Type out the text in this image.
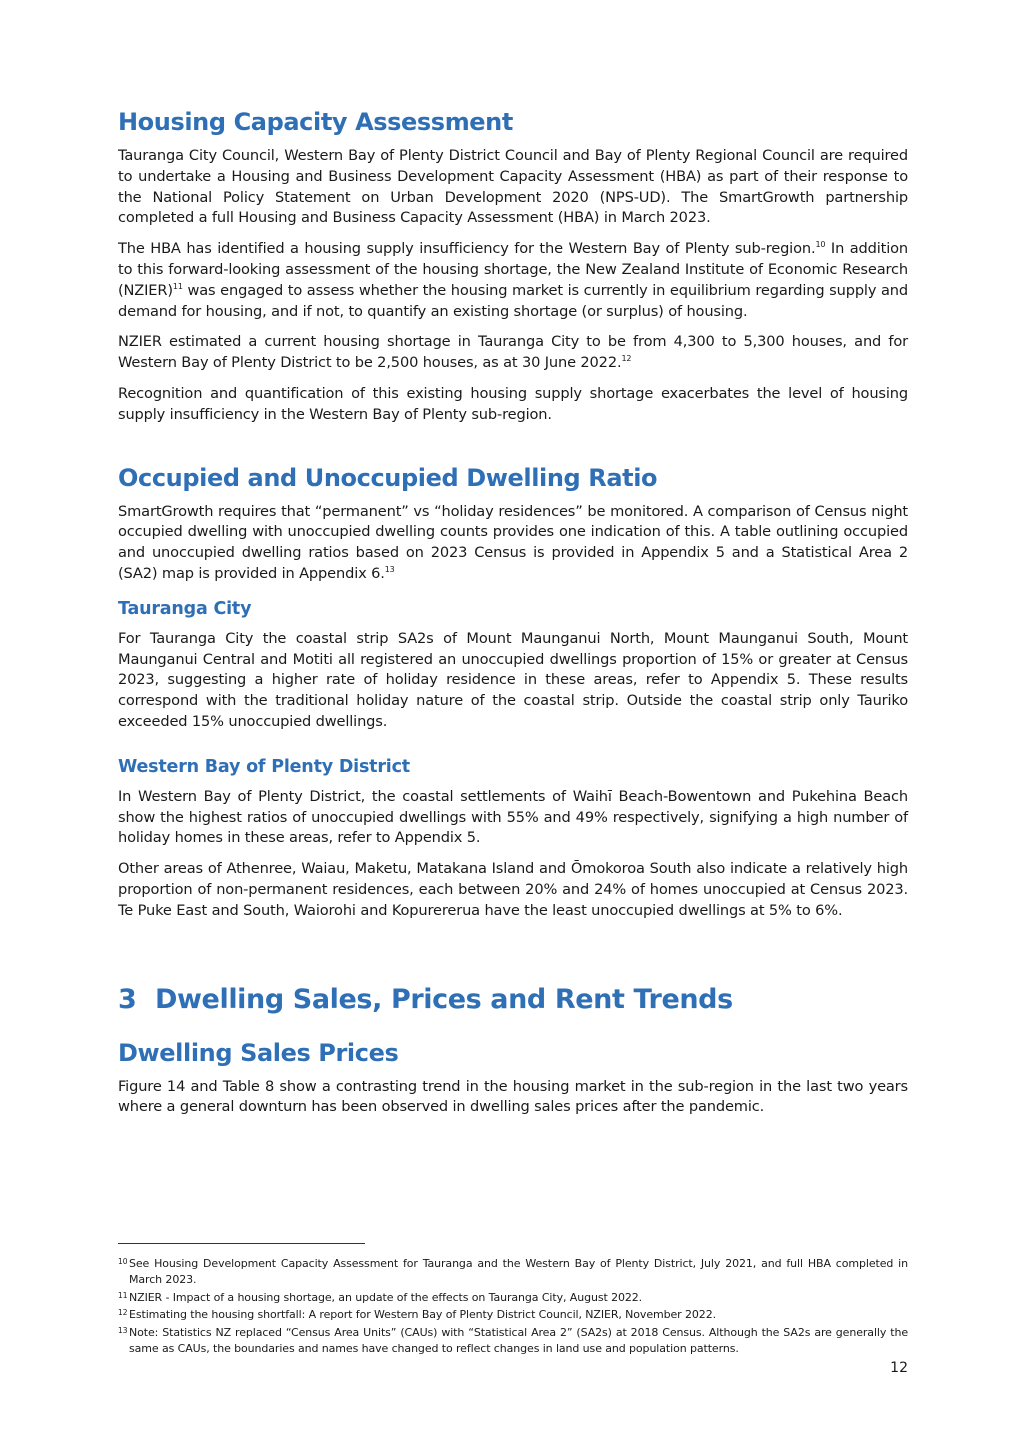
Housing Capacity Assessment

Tauranga City Council, Western Bay of Plenty District Council and Bay of Plenty Regional Council are required to undertake a Housing and Business Development Capacity Assessment (HBA) as part of their response to the National Policy Statement on Urban Development 2020 (NPS-UD). The SmartGrowth partnership completed a full Housing and Business Capacity Assessment (HBA) in March 2023.

The HBA has identified a housing supply insufficiency for the Western Bay of Plenty sub-region.$^{10}$ In addition to this forward-looking assessment of the housing shortage, the New Zealand Institute of Economic Research (NZIER)$^{11}$ was engaged to assess whether the housing market is currently in equilibrium regarding supply and demand for housing, and if not, to quantify an existing shortage (or surplus) of housing.

NZIER estimated a current housing shortage in Tauranga City to be from 4,300 to 5,300 houses, and for Western Bay of Plenty District to be 2,500 houses, as at 30 June 2022.12

Recognition and quantification of this existing housing supply shortage exacerbates the level of housing supply insufficiency in the Western Bay of Plenty sub-region.

Occupied and Unoccupied Dwelling Ratio

SmartGrowth requires that “permanent” vs “holiday residences” be monitored. A comparison of Census night occupied dwelling with unoccupied dwelling counts provides one indication of this. A table outlining occupied and unoccupied dwelling ratios based on 2023 Census is provided in Appendix 5 and a Statistical Area 2 (SA2) map is provided in Appendix 6.13

Tauranga City

For Tauranga City the coastal strip SA2s of Mount Maunganui North, Mount Maunganui South, Mount Maunganui Central and Motiti all registered an unoccupied dwellings proportion of 15% or greater at Census 2023, suggesting a higher rate of holiday residence in these areas, refer to Appendix 5. These results correspond with the traditional holiday nature of the coastal strip. Outside the coastal strip only Tauriko exceeded 15% unoccupied dwellings.

Western Bay of Plenty District

In Western Bay of Plenty District, the coastal settlements of Waihī Beach-Bowentown and Pukehina Beach show the highest ratios of unoccupied dwellings with 55% and 49% respectively, signifying a high number of holiday homes in these areas, refer to Appendix 5.

Other areas of Athenree, Waiau, Maketu, Matakana Island and Ōmokoroa South also indicate a relatively high proportion of non-permanent residences, each between 20% and 24% of homes unoccupied at Census 2023. Te Puke East and South, Waiorohi and Kopurererua have the least unoccupied dwellings at 5% to 6%.

3 Dwelling Sales, Prices and Rent Trends
Dwelling Sales Prices

Figure 14 and Table 8 show a contrasting trend in the housing market in the sub-region in the last two years where a general downturn has been observed in dwelling sales prices after the pandemic.

10 See Housing Development Capacity Assessment for Tauranga and the Western Bay of Plenty District, July 2021, and full HBA completed in March 2023.
11 NZIER - Impact of a housing shortage, an update of the effects on Tauranga City, August 2022.
12 Estimating the housing shortfall: A report for Western Bay of Plenty District Council, NZIER, November 2022.
13 Note: Statistics NZ replaced “Census Area Units” (CAUs) with “Statistical Area 2” (SA2s) at 2018 Census. Although the SA2s are generally the same as CAUs, the boundaries and names have changed to reflect changes in land use and population patterns.
12
